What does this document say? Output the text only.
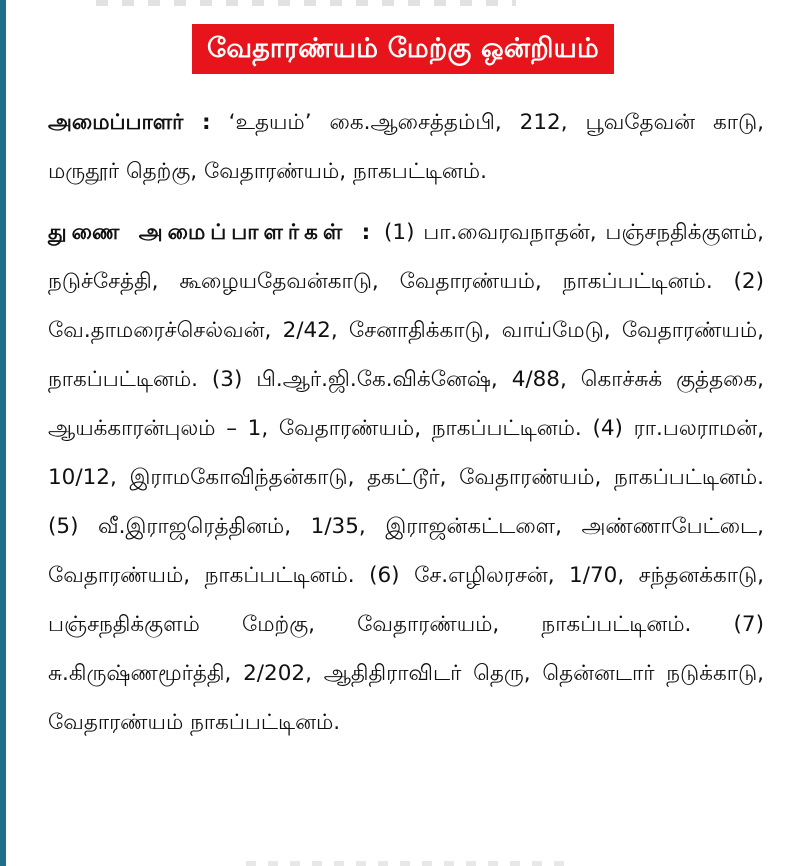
வேதாரண்யம் மேற்கு ஒன்றியம்

அமைப்பாளர் : ‘உதயம்’ கை.ஆசைத்தம்பி, 212, பூவதேவன் காடு, மருதூர் தெற்கு, வேதாரண்யம், நாகபட்டினம்.

துணை அமைப்பாளர்கள் : (1) பா.வைரவநாதன், பஞ்சநதிக்குளம், நடுச்சேத்தி, கூழையதேவன்காடு, வேதாரண்யம், நாகப்பட்டினம். (2) வே.தாமரைச்செல்வன், 2/42, சேனாதிக்காடு, வாய்மேடு, வேதாரண்யம், நாகப்பட்டினம். (3) பி.ஆர்.ஜி.கே.விக்னேஷ், 4/88, கொச்சுக் குத்தகை, ஆயக்காரன்புலம் – 1, வேதாரண்யம், நாகப்பட்டினம். (4) ரா.பலராமன், 10/12, இராமகோவிந்தன்காடு, தகட்டூர், வேதாரண்யம், நாகப்பட்டினம். (5) வீ.இராஜரெத்தினம், 1/35, இராஜன்கட்டளை, அண்ணாபேட்டை, வேதாரண்யம், நாகப்பட்டினம். (6) சே.எழிலரசன், 1/70, சந்தனக்காடு, பஞ்சநதிக்குளம் மேற்கு, வேதாரண்யம், நாகப்பட்டினம். (7) சு.கிருஷ்ணமூர்த்தி, 2/202, ஆதிதிராவிடர் தெரு, தென்னடார் நடுக்காடு, வேதாரண்யம் நாகப்பட்டினம்.
